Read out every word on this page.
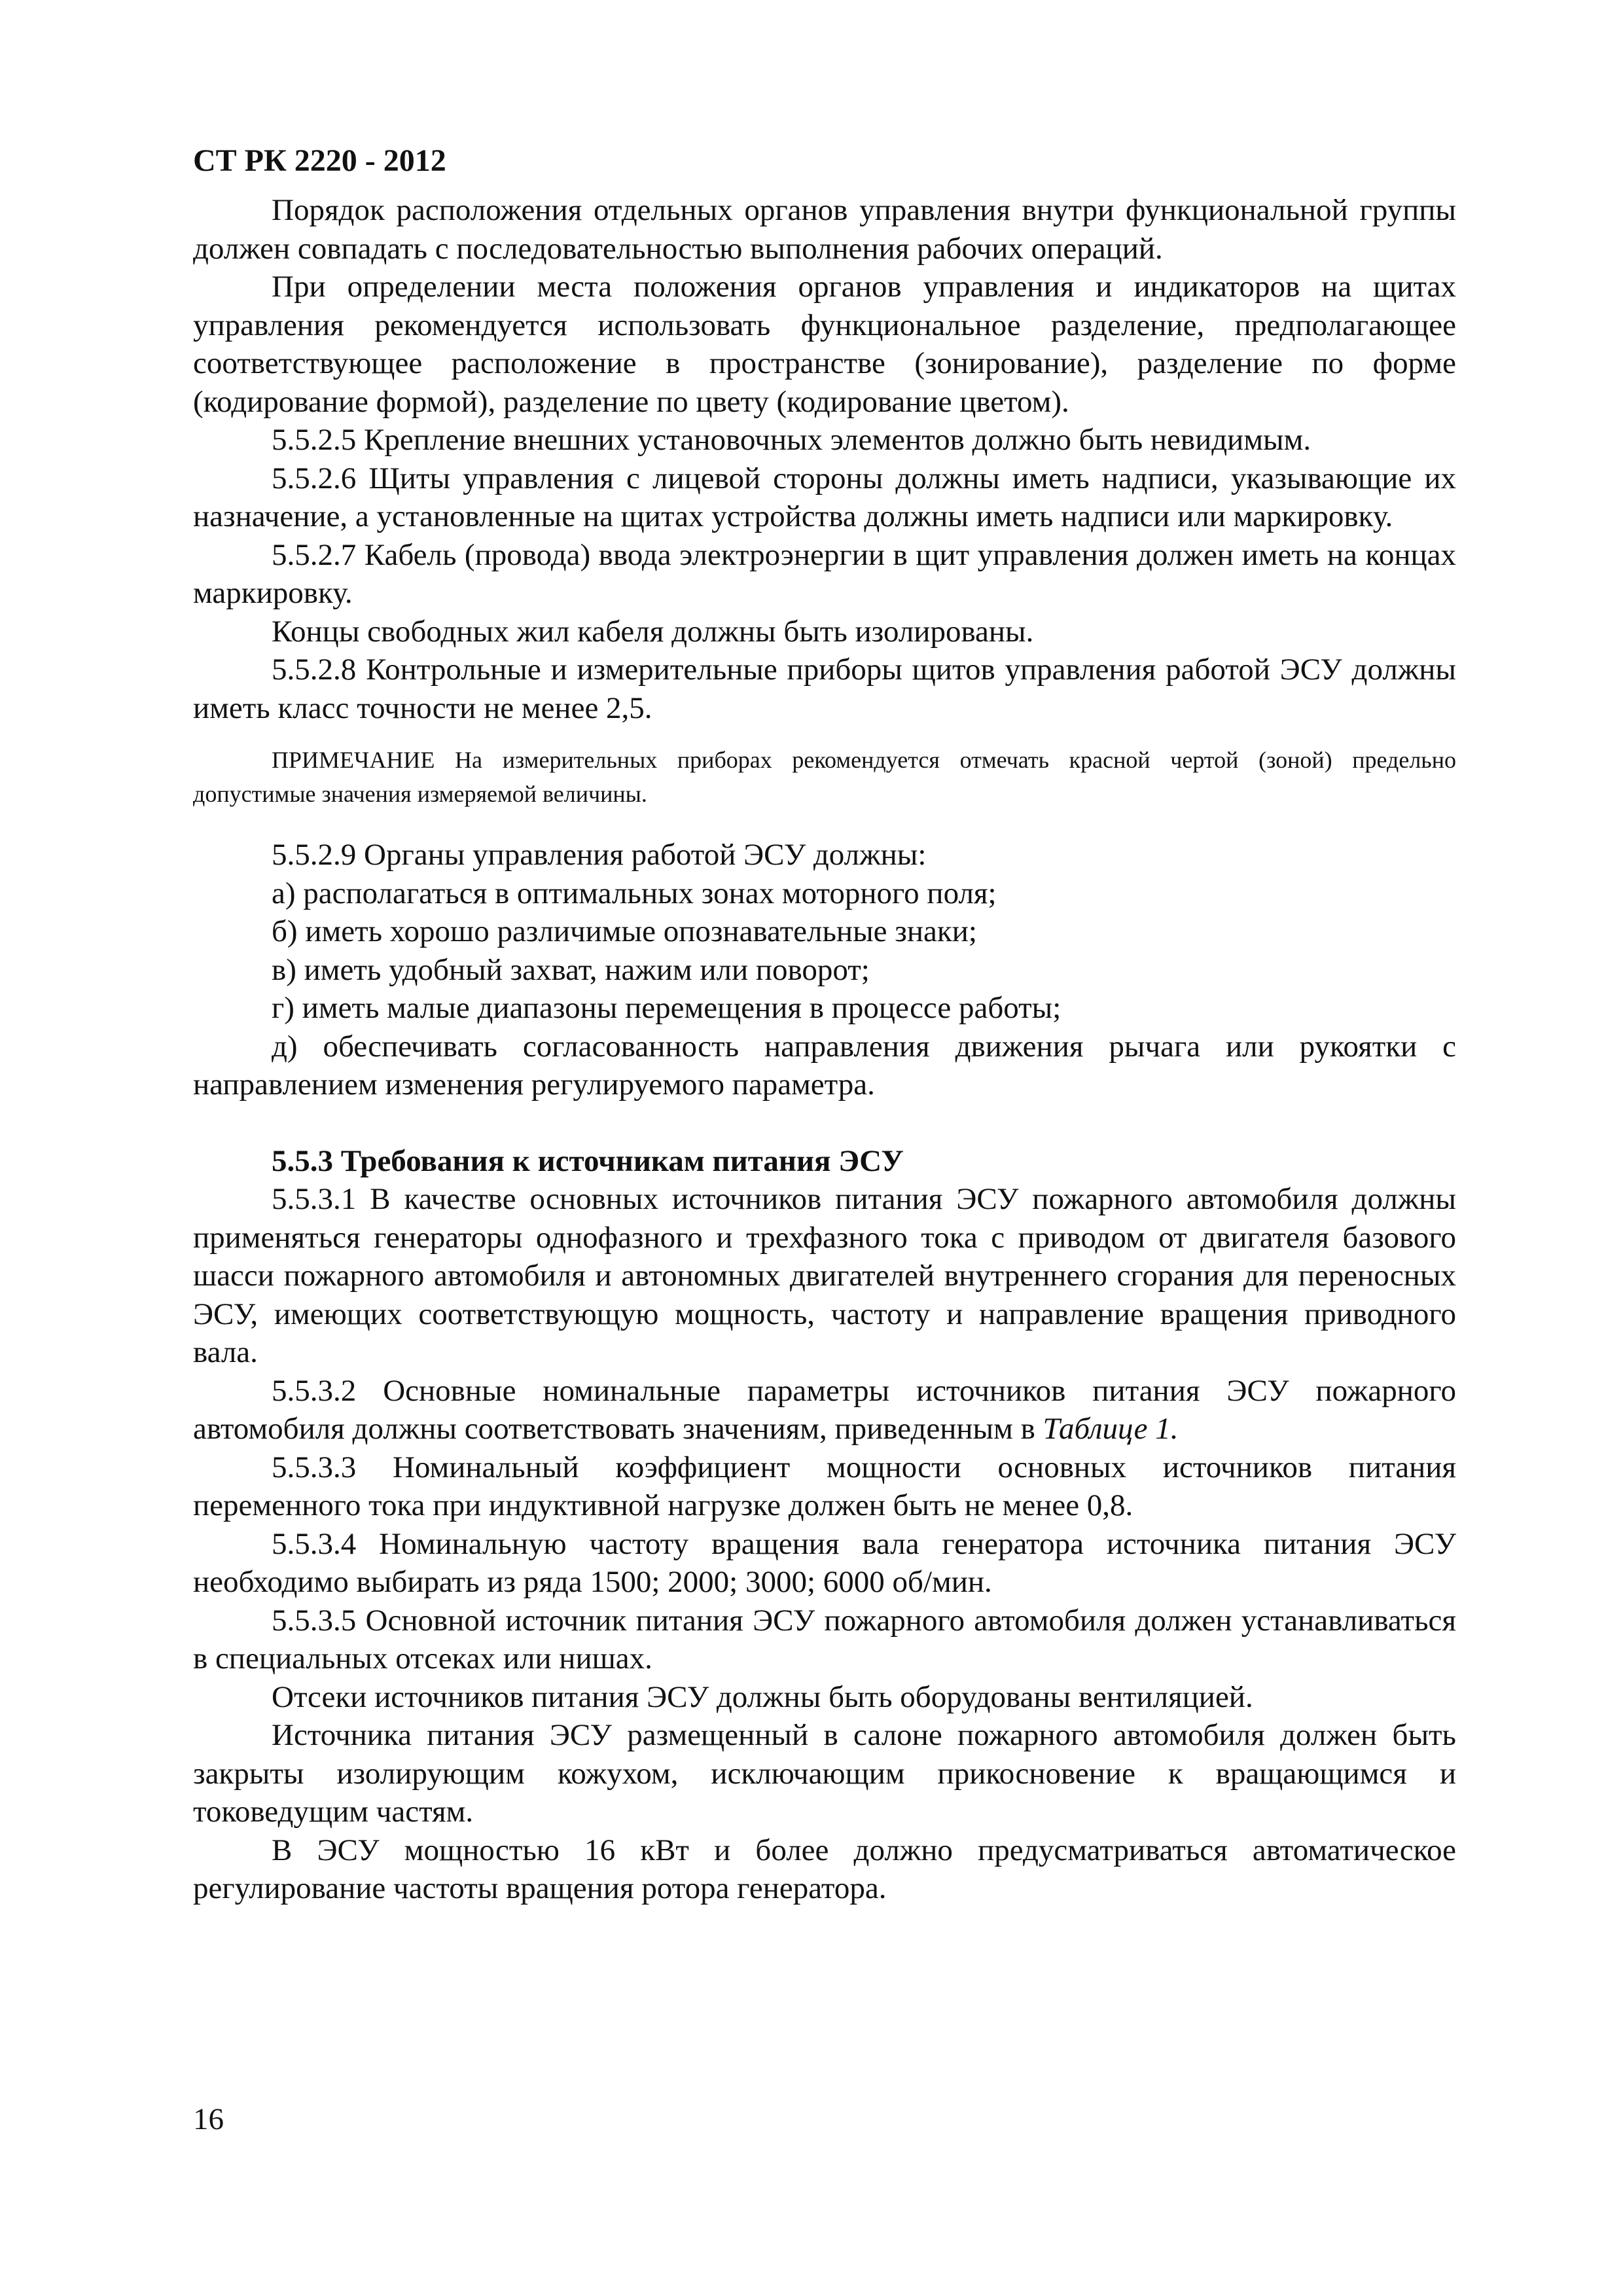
СТ РК 2220 - 2012

Порядок расположения отдельных органов управления внутри функциональной группы должен совпадать с последовательностью выполнения рабочих операций.

При определении места положения органов управления и индикаторов на щитах управления рекомендуется использовать функциональное разделение, предполагающее соответствующее расположение в пространстве (зонирование), разделение по форме (кодирование формой), разделение по цвету (кодирование цветом).

5.5.2.5 Крепление внешних установочных элементов должно быть невидимым.

5.5.2.6 Щиты управления с лицевой стороны должны иметь надписи, указывающие их назначение, а установленные на щитах устройства должны иметь надписи или маркировку.

5.5.2.7 Кабель (провода) ввода электроэнергии в щит управления должен иметь на концах маркировку.

Концы свободных жил кабеля должны быть изолированы.

5.5.2.8 Контрольные и измерительные приборы щитов управления работой ЭСУ должны иметь класс точности не менее 2,5.

ПРИМЕЧАНИЕ На измерительных приборах рекомендуется отмечать красной чертой (зоной) предельно допустимые значения измеряемой величины.

5.5.2.9 Органы управления работой ЭСУ должны:

а) располагаться в оптимальных зонах моторного поля;

б) иметь хорошо различимые опознавательные знаки;

в) иметь удобный захват, нажим или поворот;

г) иметь малые диапазоны перемещения в процессе работы;

д) обеспечивать согласованность направления движения рычага или рукоятки с направлением изменения регулируемого параметра.

5.5.3 Требования к источникам питания ЭСУ

5.5.3.1 В качестве основных источников питания ЭСУ пожарного автомобиля должны применяться генераторы однофазного и трехфазного тока с приводом от двигателя базового шасси пожарного автомобиля и автономных двигателей внутреннего сгорания для переносных ЭСУ, имеющих соответствующую мощность, частоту и направление вращения приводного вала.

5.5.3.2 Основные номинальные параметры источников питания ЭСУ пожарного автомобиля должны соответствовать значениям, приведенным в Таблице 1.

5.5.3.3 Номинальный коэффициент мощности основных источников питания переменного тока при индуктивной нагрузке должен быть не менее 0,8.

5.5.3.4 Номинальную частоту вращения вала генератора источника питания ЭСУ необходимо выбирать из ряда 1500; 2000; 3000; 6000 об/мин.

5.5.3.5 Основной источник питания ЭСУ пожарного автомобиля должен устанавливаться в специальных отсеках или нишах.

Отсеки источников питания ЭСУ должны быть оборудованы вентиляцией.

Источника питания ЭСУ размещенный в салоне пожарного автомобиля должен быть закрыты изолирующим кожухом, исключающим прикосновение к вращающимся и токоведущим частям.

В ЭСУ мощностью 16 кВт и более должно предусматриваться автоматическое регулирование частоты вращения ротора генератора.

16
